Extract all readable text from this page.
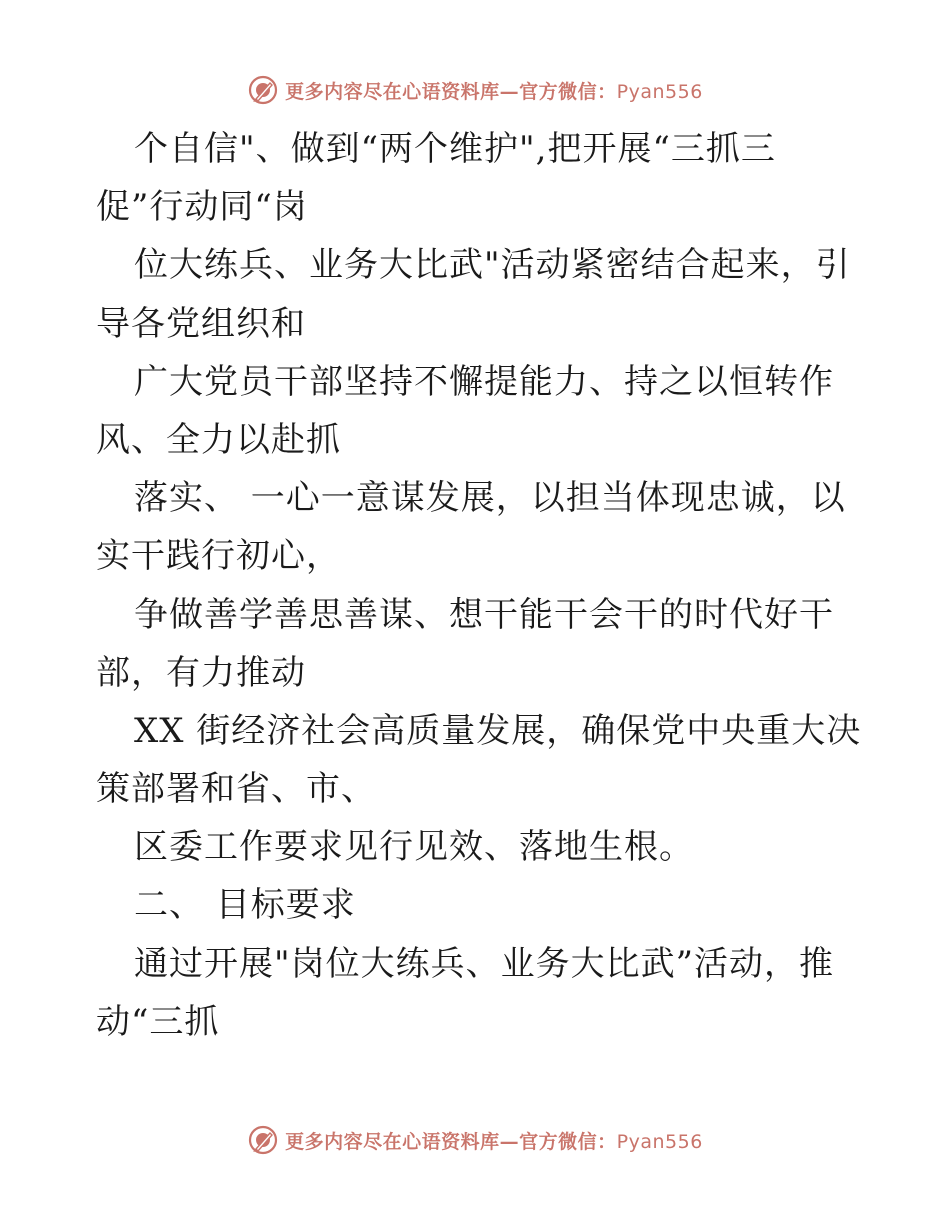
更多内容尽在心语资料库—官方微信：Pyan556
个自信"、做到“两个维护",把开展“三抓三
促”行动同“岗
位大练兵、业务大比武"活动紧密结合起来，引
导各党组织和
广大党员干部坚持不懈提能力、持之以恒转作
风、全力以赴抓
落实、 一心一意谋发展，以担当体现忠诚，以
实干践行初心，
争做善学善思善谋、想干能干会干的时代好干
部，有力推动
XX 街经济社会高质量发展，确保党中央重大决
策部署和省、市、
区委工作要求见行见效、落地生根。
二、 目标要求
通过开展"岗位大练兵、业务大比武”活动，推
动“三抓
更多内容尽在心语资料库—官方微信：Pyan556
